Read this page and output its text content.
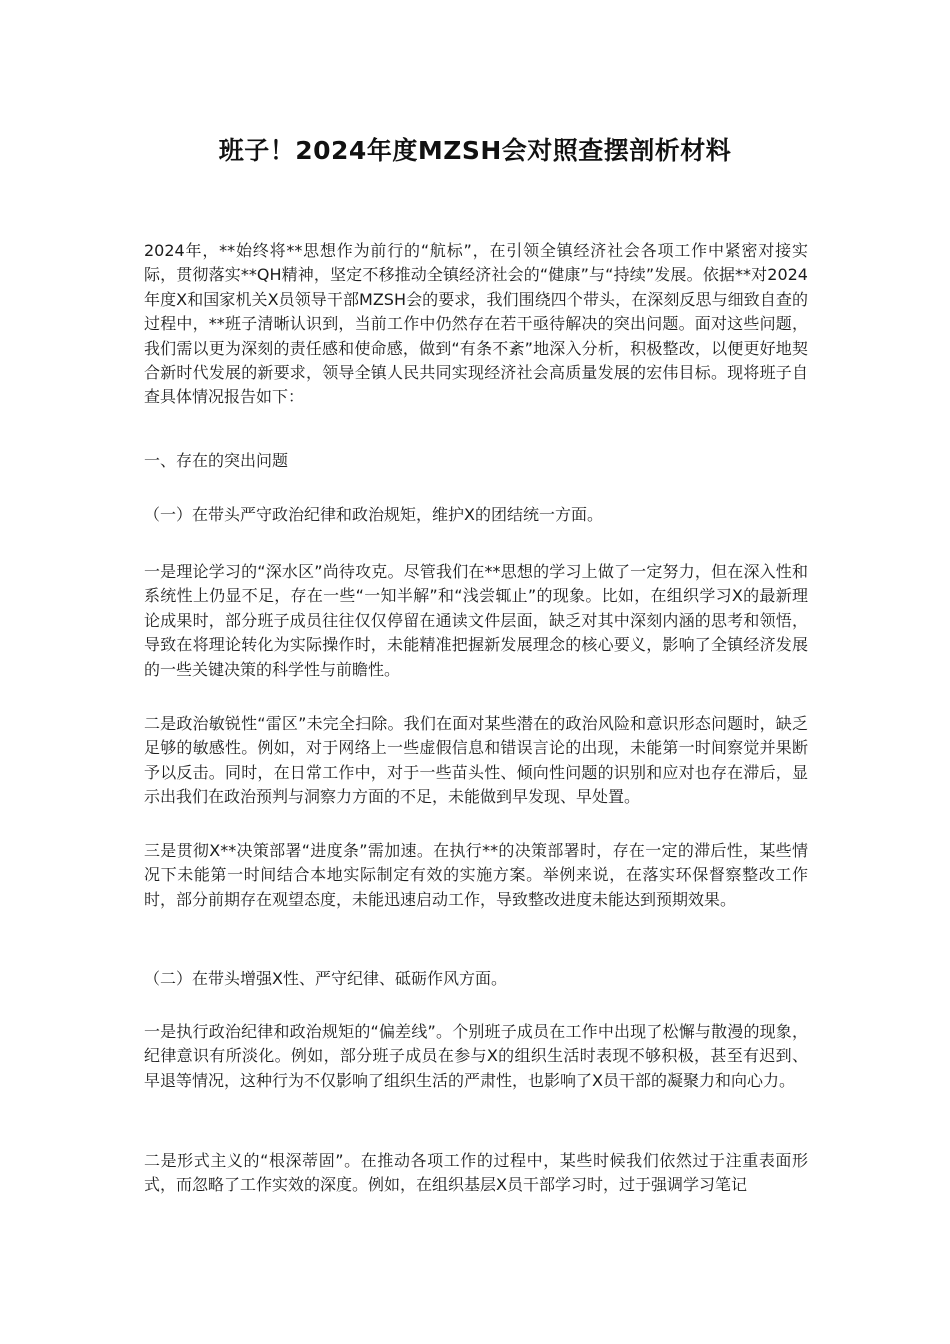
班子！2024年度MZSH会对照查摆剖析材料

2024年，**始终将**思想作为前行的“航标”，在引领全镇经济社会各项工作中紧密对接实际，贯彻落实**QH精神，坚定不移推动全镇经济社会的“健康”与“持续”发展。依据**对2024年度X和国家机关X员领导干部MZSH会的要求，我们围绕四个带头，在深刻反思与细致自查的过程中，**班子清晰认识到，当前工作中仍然存在若干亟待解决的突出问题。面对这些问题，我们需以更为深刻的责任感和使命感，做到“有条不紊”地深入分析，积极整改，以便更好地契合新时代发展的新要求，领导全镇人民共同实现经济社会高质量发展的宏伟目标。现将班子自查具体情况报告如下：

一、存在的突出问题

（一）在带头严守政治纪律和政治规矩，维护X的团结统一方面。

一是理论学习的“深水区”尚待攻克。尽管我们在**思想的学习上做了一定努力，但在深入性和系统性上仍显不足，存在一些“一知半解”和“浅尝辄止”的现象。比如，在组织学习X的最新理论成果时，部分班子成员往往仅仅停留在通读文件层面，缺乏对其中深刻内涵的思考和领悟，导致在将理论转化为实际操作时，未能精准把握新发展理念的核心要义，影响了全镇经济发展的一些关键决策的科学性与前瞻性。

二是政治敏锐性“雷区”未完全扫除。我们在面对某些潜在的政治风险和意识形态问题时，缺乏足够的敏感性。例如，对于网络上一些虚假信息和错误言论的出现，未能第一时间察觉并果断予以反击。同时，在日常工作中，对于一些苗头性、倾向性问题的识别和应对也存在滞后，显示出我们在政治预判与洞察力方面的不足，未能做到早发现、早处置。

三是贯彻X**决策部署“进度条”需加速。在执行**的决策部署时，存在一定的滞后性，某些情况下未能第一时间结合本地实际制定有效的实施方案。举例来说，在落实环保督察整改工作时，部分前期存在观望态度，未能迅速启动工作，导致整改进度未能达到预期效果。

（二）在带头增强X性、严守纪律、砥砺作风方面。

一是执行政治纪律和政治规矩的“偏差线”。个别班子成员在工作中出现了松懈与散漫的现象，纪律意识有所淡化。例如，部分班子成员在参与X的组织生活时表现不够积极，甚至有迟到、早退等情况，这种行为不仅影响了组织生活的严肃性，也影响了X员干部的凝聚力和向心力。

二是形式主义的“根深蒂固”。在推动各项工作的过程中，某些时候我们依然过于注重表面形式，而忽略了工作实效的深度。例如，在组织基层X员干部学习时，过于强调学习笔记
